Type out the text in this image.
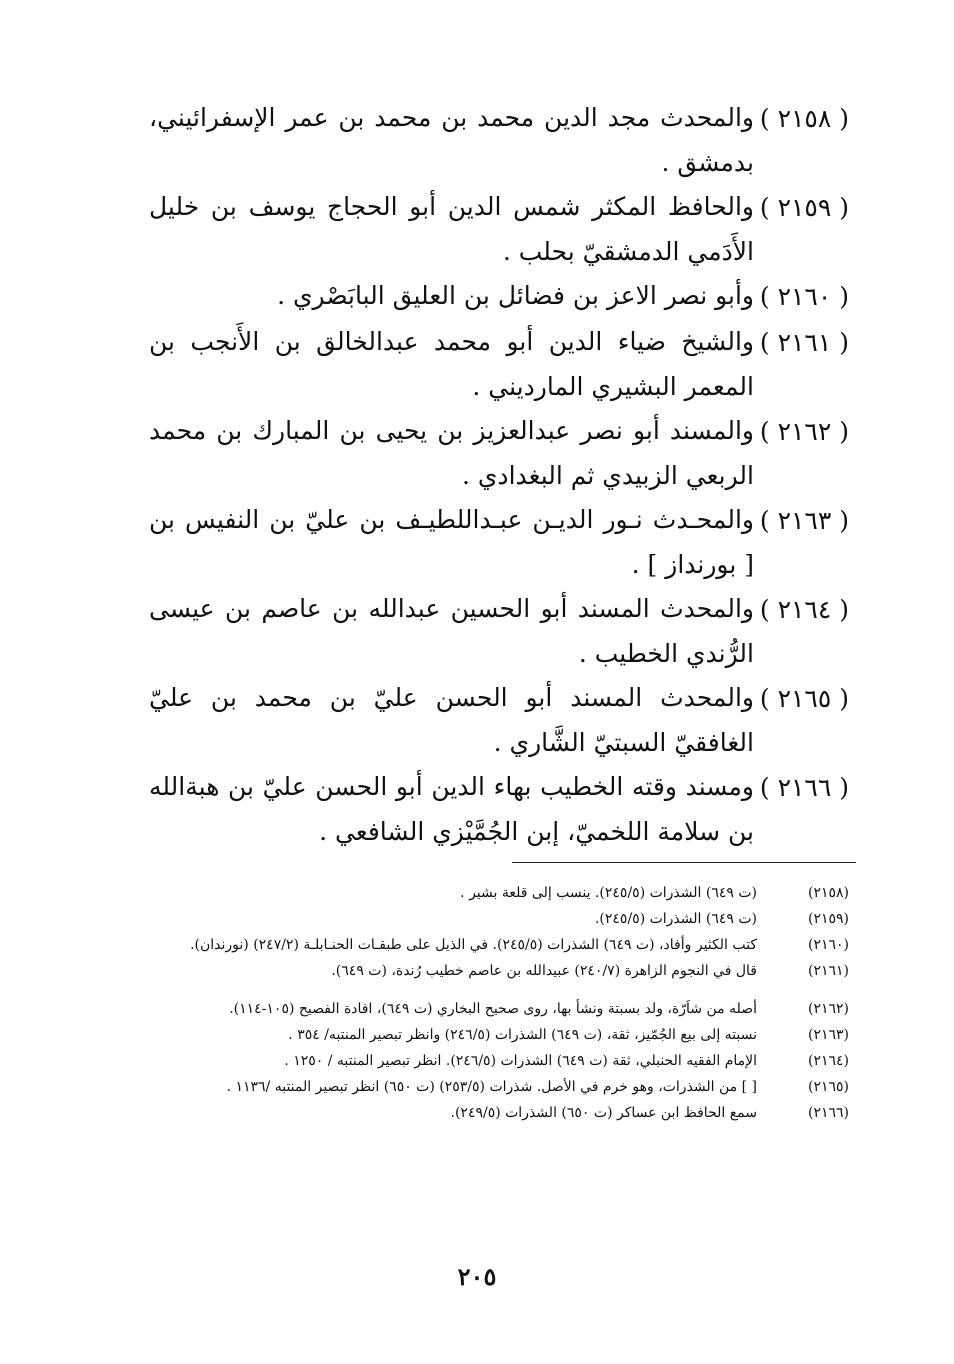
( ٢١٥٨ )
والمحدث مجد الدين محمد بن محمد بن عمر الإسفرائيني، بدمشق .
( ٢١٥٩ )
والحافظ المكثر شمس الدين أبو الحجاج يوسف بن خليل الأَدَمي الدمشقيّ بحلب .
( ٢١٦٠ )
وأبو نصر الاعز بن فضائل بن العليق البابَصْري .
( ٢١٦١ )
والشيخ ضياء الدين أبو محمد عبدالخالق بن الأَنجب بن المعمر البشيري المارديني .
( ٢١٦٢ )
والمسند أبو نصر عبدالعزيز بن يحيى بن المبارك بن محمد الربعي الزبيدي ثم البغدادي .
( ٢١٦٣ )
والمحـدث نـور الديـن عبـداللطيـف بن عليّ بن النفيس بن [ بورنداز ] .
( ٢١٦٤ )
والمحدث المسند أبو الحسين عبدالله بن عاصم بن عيسى الرُّندي الخطيب .
( ٢١٦٥ )
والمحدث المسند أبو الحسن عليّ بن محمد بن عليّ الغافقيّ السبتيّ الشَّاري .
( ٢١٦٦ )
ومسند وقته الخطيب بهاء الدين أبو الحسن عليّ بن هبةالله بن سلامة اللخميّ، إبن الجُمَّيْزي الشافعي .
(٢١٥٨)
(ت ٦٤٩) الشذرات (٢٤٥/٥). ينسب إلى قلعة بشير .
(٢١٥٩)
(ت ٦٤٩) الشذرات (٢٤٥/٥).
(٢١٦٠)
كتب الكثير وأفاد، (ت ٦٤٩) الشذرات (٢٤٥/٥). في الذيل على طبقـات الحنـابلـة (٢٤٧/٢) (نورندان).
(٢١٦١)
قال في النجوم الزاهرة (٢٤٠/٧) عبيدالله بن عاصم خطيب رُندة، (ت ٦٤٩).
(٢١٦٢)
أصله من شاَرّة، ولد بسبتة ونشأ بها، روى صحيح البخاري (ت ٦٤٩)، افادة الفصيح (١٠٥-١١٤).
(٢١٦٣)
نسبته إلى بيع الجُمّيز، ثقة، (ت ٦٤٩) الشذرات (٢٤٦/٥) وانظر تبصير المنتبه/ ٣٥٤ .
(٢١٦٤)
الإمام الفقيه الحنبلي، ثقة (ت ٦٤٩) الشذرات (٢٤٦/٥). انظر تبصير المنتبه / ١٢٥٠ .
(٢١٦٥)
[ ] من الشذرات، وهو خرم في الأصل. شذرات (٢٥٣/٥) (ت ٦٥٠) انظر تبصير المنتبه /١١٣٦ .
(٢١٦٦)
سمع الحافظ ابن عساكر (ت ٦٥٠) الشذرات (٢٤٩/٥).
٢٠٥
